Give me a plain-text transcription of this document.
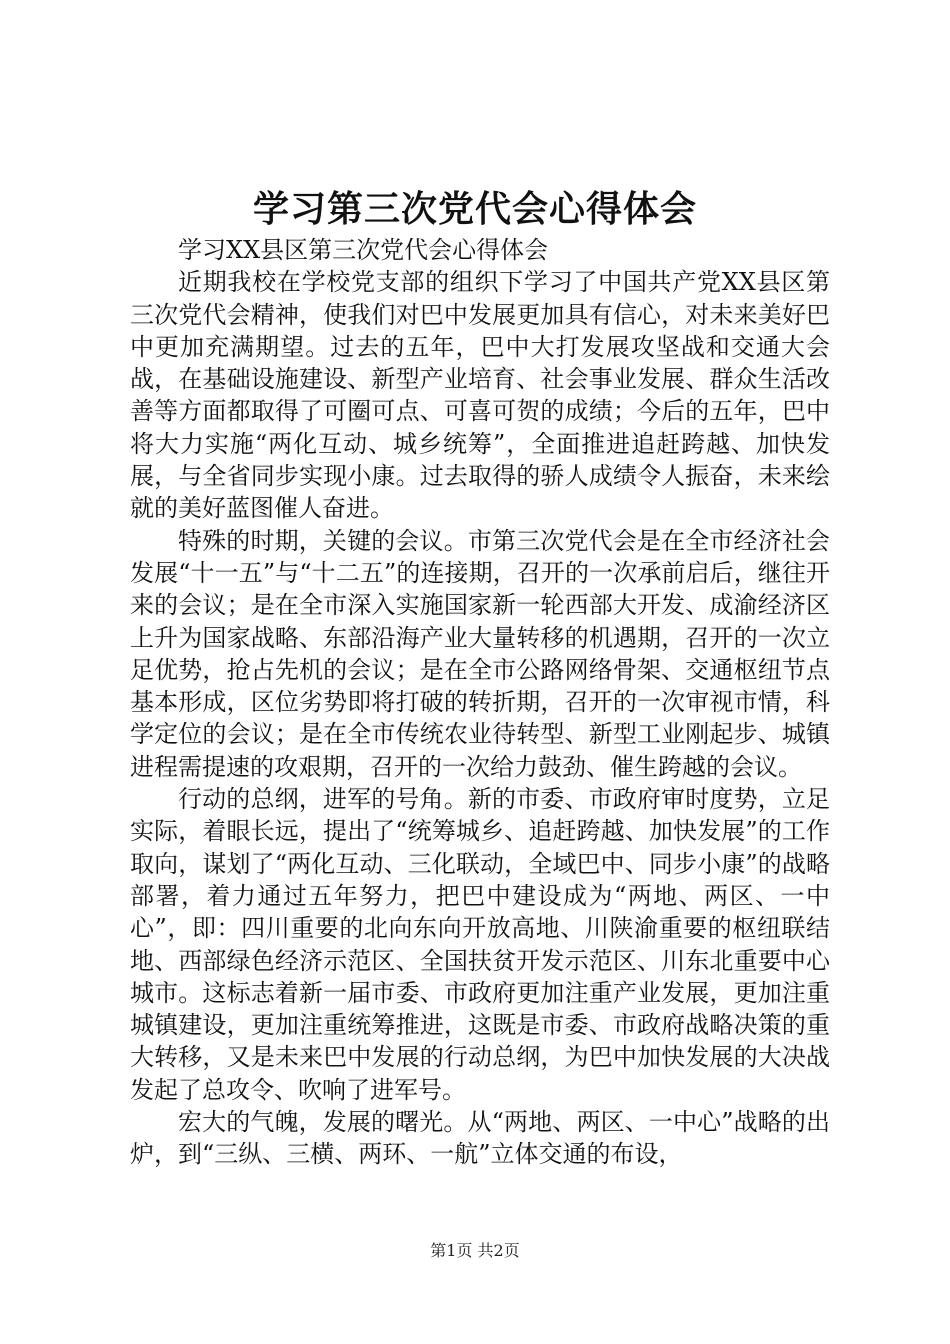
学习第三次党代会心得体会

学习XX县区第三次党代会心得体会

近期我校在学校党支部的组织下学习了中国共产党XX县区第三次党代会精神，使我们对巴中发展更加具有信心，对未来美好巴中更加充满期望。过去的五年，巴中大打发展攻坚战和交通大会战，在基础设施建设、新型产业培育、社会事业发展、群众生活改善等方面都取得了可圈可点、可喜可贺的成绩；今后的五年，巴中将大力实施“两化互动、城乡统筹”，全面推进追赶跨越、加快发展，与全省同步实现小康。过去取得的骄人成绩令人振奋，未来绘就的美好蓝图催人奋进。

特殊的时期，关键的会议。市第三次党代会是在全市经济社会发展“十一五”与“十二五”的连接期，召开的一次承前启后，继往开来的会议；是在全市深入实施国家新一轮西部大开发、成渝经济区上升为国家战略、东部沿海产业大量转移的机遇期，召开的一次立足优势，抢占先机的会议；是在全市公路网络骨架、交通枢纽节点基本形成，区位劣势即将打破的转折期，召开的一次审视市情，科学定位的会议；是在全市传统农业待转型、新型工业刚起步、城镇进程需提速的攻艰期，召开的一次给力鼓劲、催生跨越的会议。

行动的总纲，进军的号角。新的市委、市政府审时度势，立足实际，着眼长远，提出了“统筹城乡、追赶跨越、加快发展”的工作取向，谋划了“两化互动、三化联动，全域巴中、同步小康”的战略部署，着力通过五年努力，把巴中建设成为“两地、两区、一中心”，即：四川重要的北向东向开放高地、川陕渝重要的枢纽联结地、西部绿色经济示范区、全国扶贫开发示范区、川东北重要中心城市。这标志着新一届市委、市政府更加注重产业发展，更加注重城镇建设，更加注重统筹推进，这既是市委、市政府战略决策的重大转移，又是未来巴中发展的行动总纲，为巴中加快发展的大决战发起了总攻令、吹响了进军号。

宏大的气魄，发展的曙光。从“两地、两区、一中心”战略的出炉，到“三纵、三横、两环、一航”立体交通的布设，

第1页 共2页
